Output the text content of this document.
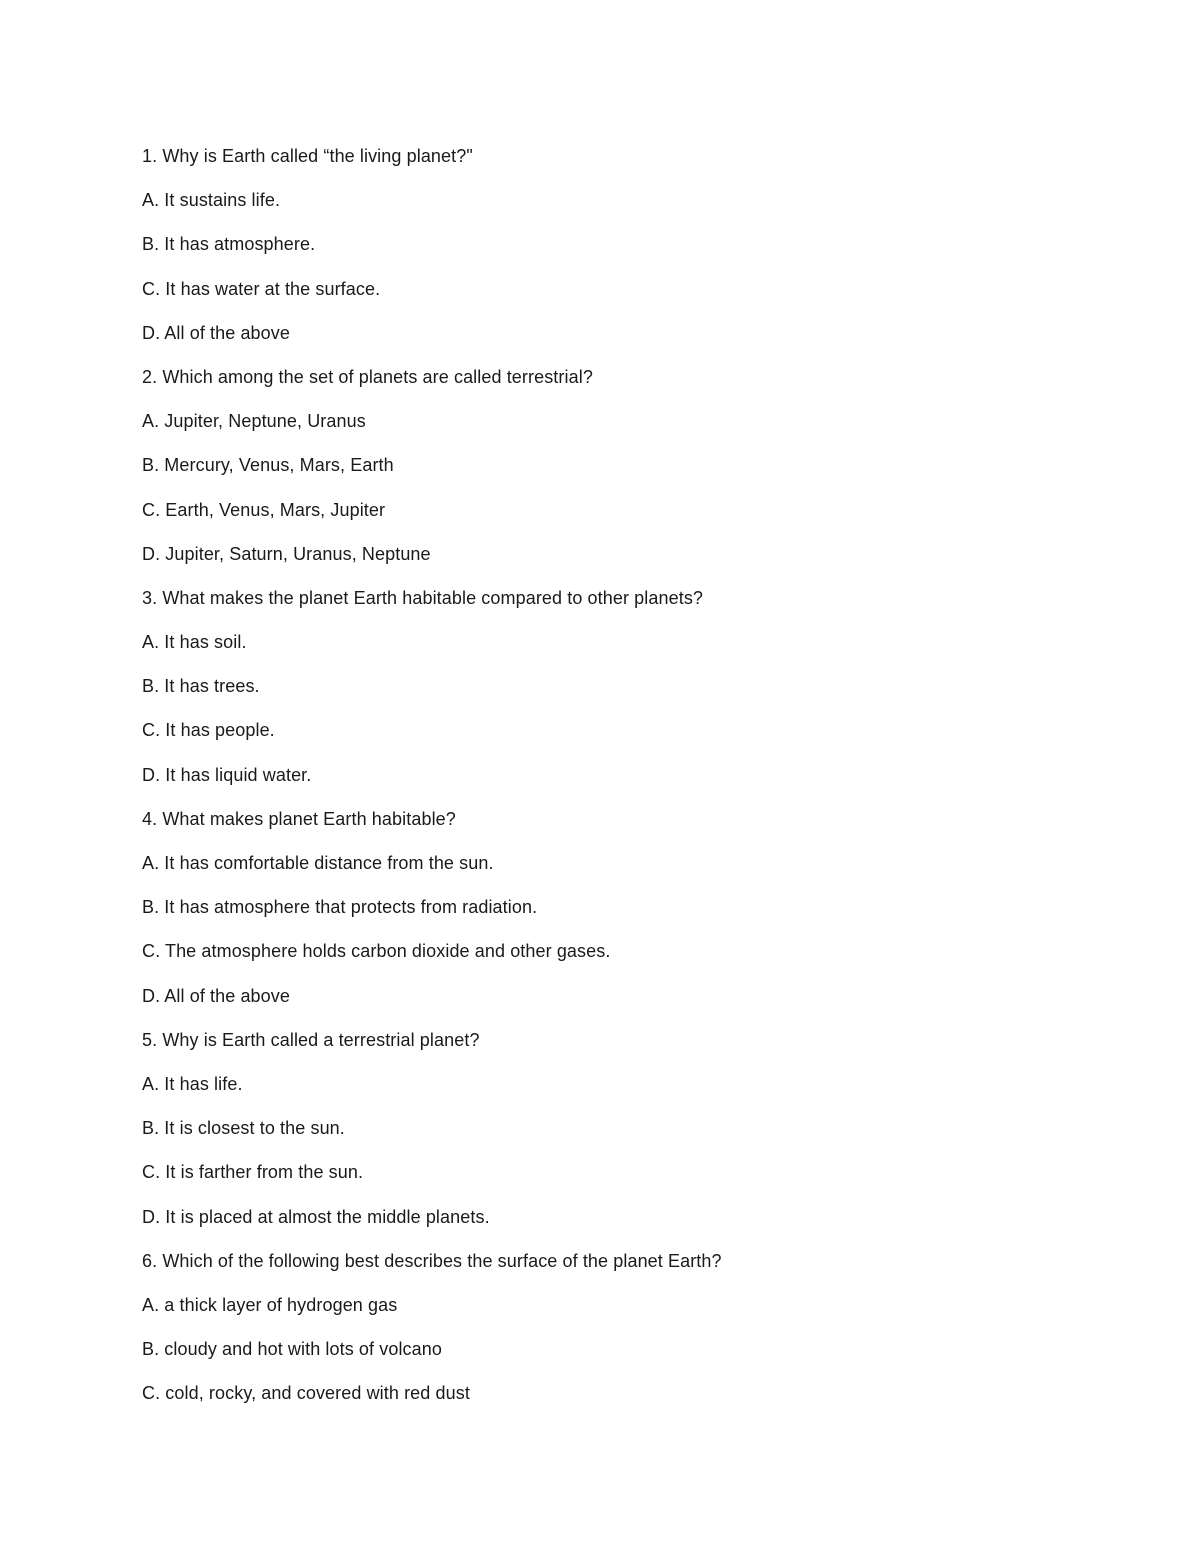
1. Why is Earth called “the living planet?"
A. It sustains life.
B. It has atmosphere.
C. It has water at the surface.
D. All of the above
2. Which among the set of planets are called terrestrial?
A. Jupiter, Neptune, Uranus
B. Mercury, Venus, Mars, Earth
C. Earth, Venus, Mars, Jupiter
D. Jupiter, Saturn, Uranus, Neptune
3. What makes the planet Earth habitable compared to other planets?
A. It has soil.
B. It has trees.
C. It has people.
D. It has liquid water.
4. What makes planet Earth habitable?
A. It has comfortable distance from the sun.
B. It has atmosphere that protects from radiation.
C. The atmosphere holds carbon dioxide and other gases.
D. All of the above
5. Why is Earth called a terrestrial planet?
A. It has life.
B. It is closest to the sun.
C. It is farther from the sun.
D. It is placed at almost the middle planets.
6. Which of the following best describes the surface of the planet Earth?
A. a thick layer of hydrogen gas
B. cloudy and hot with lots of volcano
C. cold, rocky, and covered with red dust
